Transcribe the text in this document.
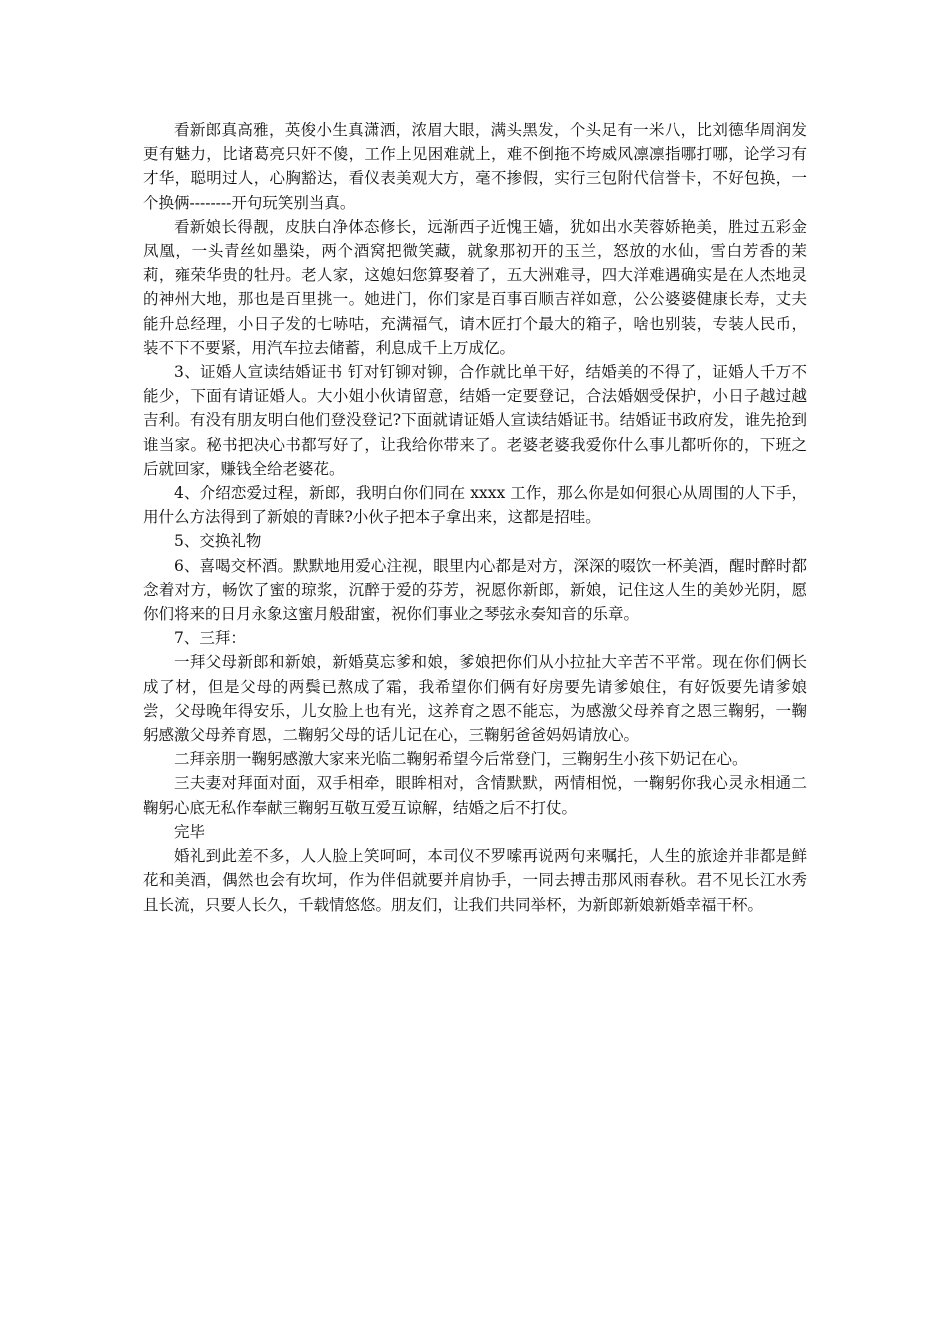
看新郎真高雅，英俊小生真潇洒，浓眉大眼，满头黑发，个头足有一米八，比刘德华周润发更有魅力，比诸葛亮只奸不傻，工作上见困难就上，难不倒拖不垮威风凛凛指哪打哪，论学习有才华，聪明过人，心胸豁达，看仪表美观大方，毫不掺假，实行三包附代信誉卡，不好包换，一个换俩--------开句玩笑别当真。

看新娘长得靓，皮肤白净体态修长，远渐西子近愧王嫱，犹如出水芙蓉娇艳美，胜过五彩金凤凰，一头青丝如墨染，两个酒窝把微笑藏，就象那初开的玉兰，怒放的水仙，雪白芳香的茉莉，雍荣华贵的牡丹。老人家，这媳妇您算娶着了，五大洲难寻，四大洋难遇确实是在人杰地灵的神州大地，那也是百里挑一。她进门，你们家是百事百顺吉祥如意，公公婆婆健康长寿，丈夫能升总经理，小日子发的七哧咕，充满福气，请木匠打个最大的箱子，啥也别装，专装人民币，装不下不要紧，用汽车拉去储蓄，利息成千上万成亿。

3、证婚人宣读结婚证书 钉对钉铆对铆，合作就比单干好，结婚美的不得了，证婚人千万不能少，下面有请证婚人。大小姐小伙请留意，结婚一定要登记，合法婚姻受保护，小日子越过越吉利。有没有朋友明白他们登没登记?下面就请证婚人宣读结婚证书。结婚证书政府发，谁先抢到谁当家。秘书把决心书都写好了，让我给你带来了。老婆老婆我爱你什么事儿都听你的，下班之后就回家，赚钱全给老婆花。

4、介绍恋爱过程，新郎，我明白你们同在 xxxx 工作，那么你是如何狠心从周围的人下手，用什么方法得到了新娘的青睐?小伙子把本子拿出来，这都是招哇。

5、交换礼物

6、喜喝交杯酒。默默地用爱心注视，眼里内心都是对方，深深的啜饮一杯美酒，醒时醉时都念着对方，畅饮了蜜的琼浆，沉醉于爱的芬芳，祝愿你新郎，新娘，记住这人生的美妙光阴，愿你们将来的日月永象这蜜月般甜蜜，祝你们事业之琴弦永奏知音的乐章。

7、三拜：

一拜父母新郎和新娘，新婚莫忘爹和娘，爹娘把你们从小拉扯大辛苦不平常。现在你们俩长成了材，但是父母的两鬓已熬成了霜，我希望你们俩有好房要先请爹娘住，有好饭要先请爹娘尝，父母晚年得安乐，儿女脸上也有光，这养育之恩不能忘，为感激父母养育之恩三鞠躬，一鞠躬感激父母养育恩，二鞠躬父母的话儿记在心，三鞠躬爸爸妈妈请放心。

二拜亲朋一鞠躬感激大家来光临二鞠躬希望今后常登门，三鞠躬生小孩下奶记在心。

三夫妻对拜面对面，双手相牵，眼眸相对，含情默默，两情相悦，一鞠躬你我心灵永相通二鞠躬心底无私作奉献三鞠躬互敬互爱互谅解，结婚之后不打仗。

完毕

婚礼到此差不多，人人脸上笑呵呵，本司仪不罗嗦再说两句来嘱托，人生的旅途并非都是鲜花和美酒，偶然也会有坎坷，作为伴侣就要并肩协手，一同去搏击那风雨春秋。君不见长江水秀且长流，只要人长久，千载情悠悠。朋友们，让我们共同举杯，为新郎新娘新婚幸福干杯。
